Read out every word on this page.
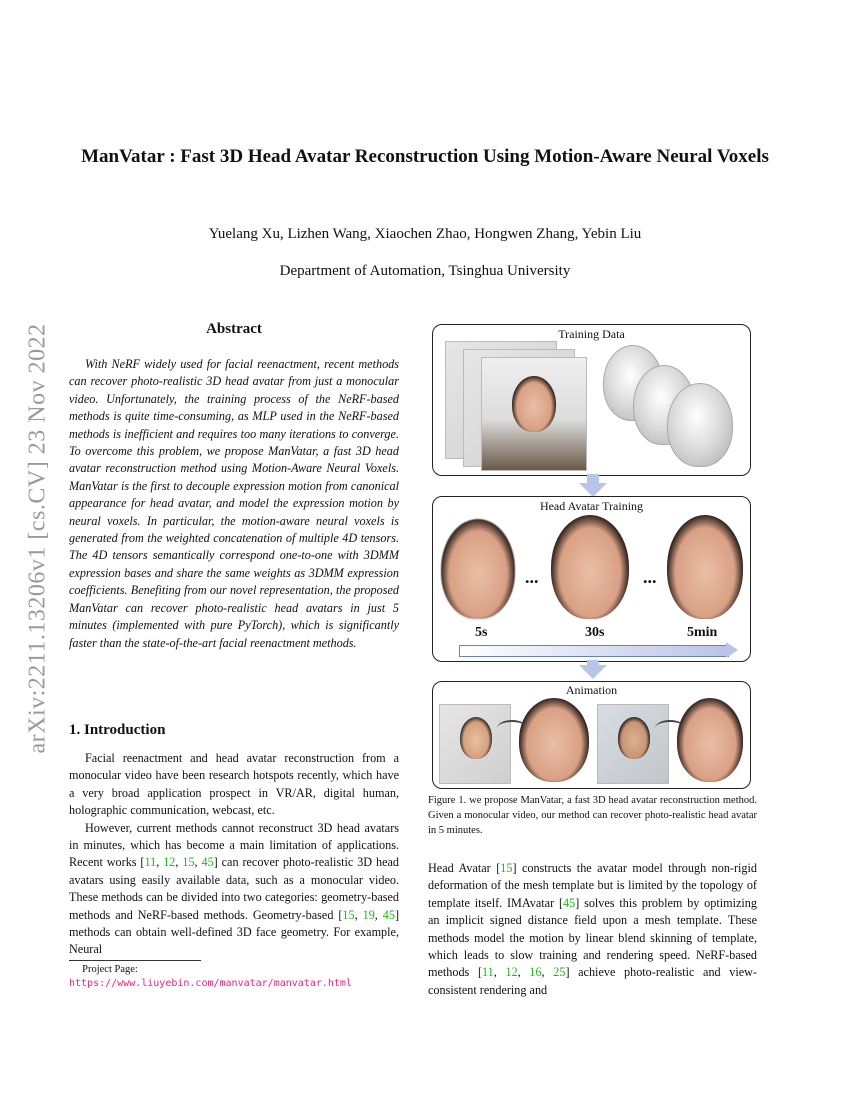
ManVatar : Fast 3D Head Avatar Reconstruction Using Motion-Aware Neural Voxels
Yuelang Xu, Lizhen Wang, Xiaochen Zhao, Hongwen Zhang, Yebin Liu
Department of Automation, Tsinghua University
arXiv:2211.13206v1 [cs.CV] 23 Nov 2022	Abstract
With NeRF widely used for facial reenactment, recent methods can recover photo-realistic 3D head avatar from just a monocular video. Unfortunately, the training process of the NeRF-based methods is quite time-consuming, as MLP used in the NeRF-based methods is inefficient and requires too many iterations to converge. To overcome this problem, we propose ManVatar, a fast 3D head avatar reconstruction method using Motion-Aware Neural Voxels. ManVatar is the first to decouple expression motion from canonical appearance for head avatar, and model the expression motion by neural voxels. In particular, the motion-aware neural voxels is generated from the weighted concatenation of multiple 4D tensors. The 4D tensors semantically correspond one-to-one with 3DMM expression bases and share the same weights as 3DMM expression coefficients. Benefiting from our novel representation, the proposed ManVatar can recover photo-realistic head avatars in just 5 minutes (implemented with pure PyTorch), which is significantly faster than the state-of-the-art facial reenactment methods.
1. Introduction

Facial reenactment and head avatar reconstruction from a monocular video have been research hotspots recently, which have a very broad application prospect in VR/AR, digital human, holographic communication, webcast, etc.

However, current methods cannot reconstruct 3D head avatars in minutes, which has become a main limitation of applications. Recent works [11, 12, 15, 45] can recover photo-realistic 3D head avatars using easily available data, such as a monocular video. These methods can be divided into two categories: geometry-based methods and NeRF-based methods. Geometry-based [15, 19, 45] methods can obtain well-defined 3D face geometry. For example, Neural

Project Page: https://www.liuyebin.com/manvatar/manvatar.html
Training Data
Head Avatar Training
...	...
5s	30s	5min
Animation
Figure 1. we propose ManVatar, a fast 3D head avatar reconstruction method. Given a monocular video, our method can recover photo-realistic head avatar in 5 minutes.
Head Avatar [15] constructs the avatar model through non-rigid deformation of the mesh template but is limited by the topology of template itself. IMAvatar [45] solves this problem by optimizing an implicit signed distance field upon a mesh template. These methods model the motion by linear blend skinning of template, which leads to slow training and rendering speed. NeRF-based methods [11, 12, 16, 25] achieve photo-realistic and view-consistent rendering and
